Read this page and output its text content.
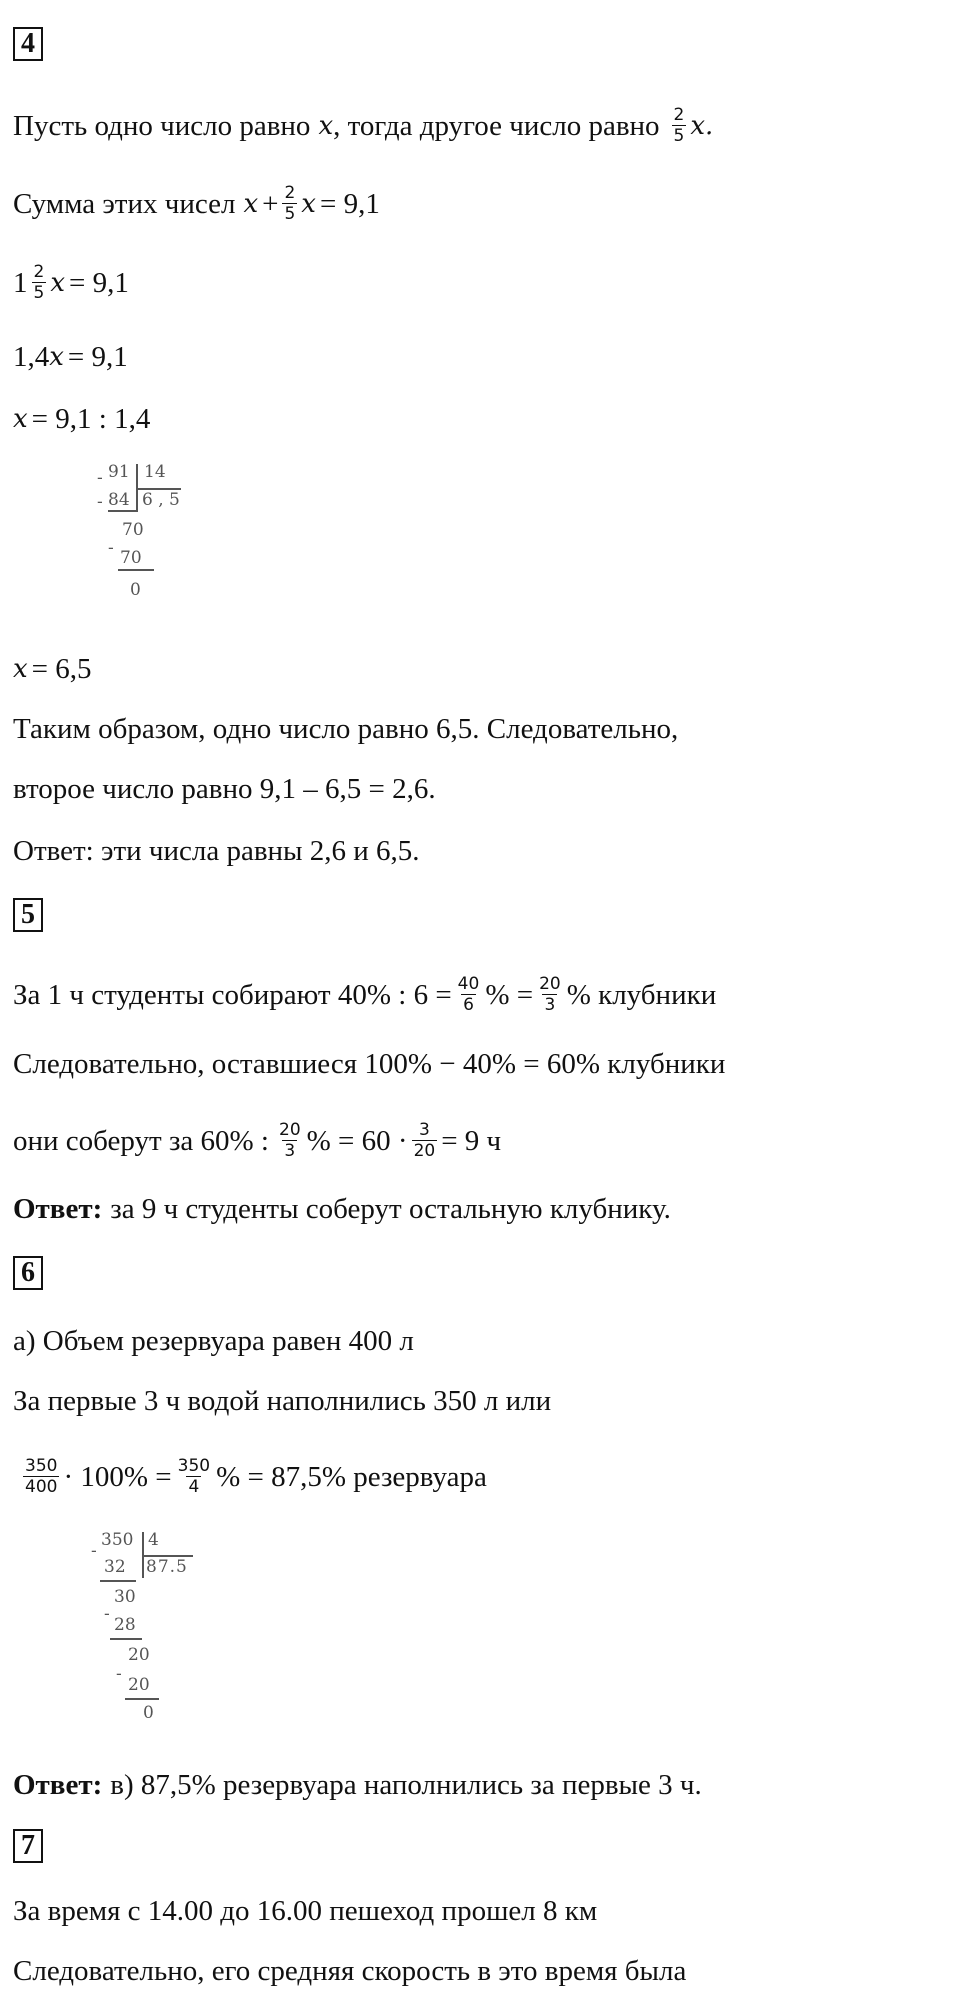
4
Пусть одно число равно x , тогда другое число равно $\frac{2}{5} x$.
Сумма этих чисел $x + \frac{2}{5}$ x = 9,1
$1 \frac{2}{5}$ x = 9,1
1,4 x = 9,1
x = 9,1 : 1,4
- 91 14
- 84 6 , 5
70
- 70
0
x = 6,5
Таким образом, одно число равно 6,5. Следовательно,
второе число равно 9,1 – 6,5 = 2,6.
Ответ: эти числа равны 2,6 и 6,5.
5
За 1 ч студенты собирают 40% : $6 = \frac{40}{6}$ % = $\frac{20}{3}$ % клубники
Следовательно, оставшиеся 100% − 40% = 60% клубники
они соберут за 60% : $\frac{20}{3}$ % = $60 \cdot \frac{3}{20} = 9$ ч
Ответ: за 9 ч студенты соберут остальную клубнику.
6
а) Объем резервуара равен 400 л
За первые 3 ч водой наполнились 350 л или
$\frac{350}{400} \cdot 100\% = \frac{350}{4}$ % = 87,5% резервуара
-
350 4
32 87.5
30
-
28
20
-
20
0
Ответ: в) 87,5% резервуара наполнились за первые 3 ч.
7
За время с 14.00 до 16.00 пешеход прошел 8 км
Следовательно, его средняя скорость в это время была
